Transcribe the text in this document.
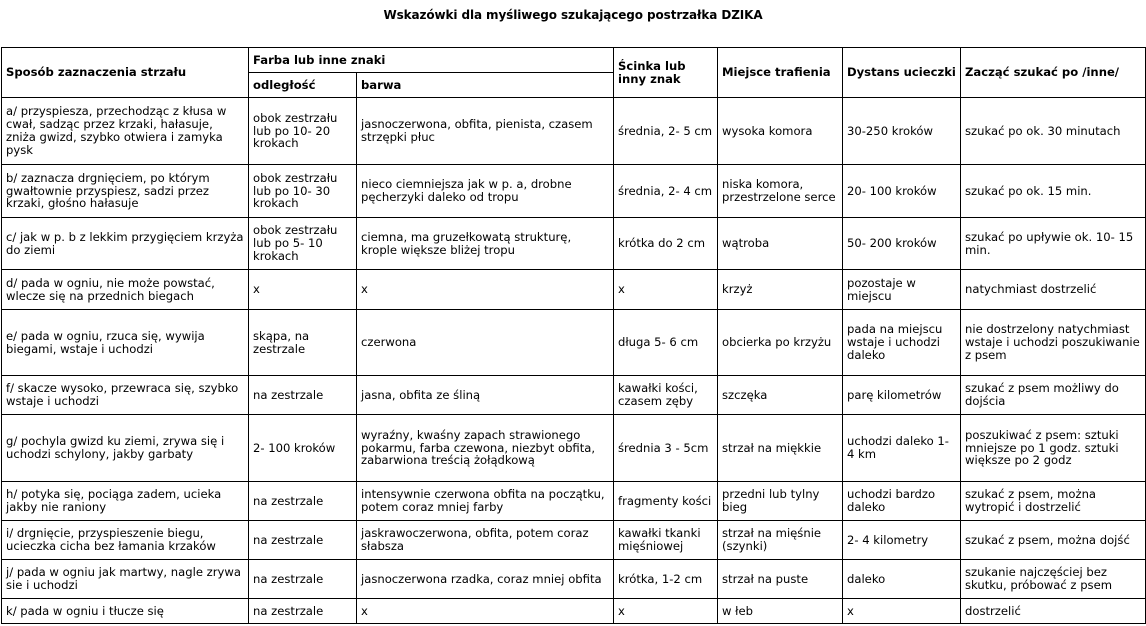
Wskazówki dla myśliwego szukającego postrzałka DZIKA
Sposób zaznaczenia strzału	Farba lub inne znaki		Ścinka lub inny znak	Miejsce trafienia	Dystans ucieczki	Zacząć szukać po /inne/
	odległość	barwa				
a/ przyspiesza, przechodząc z kłusa w cwał, sadząc przez krzaki, hałasuje, zniża gwizd, szybko otwiera i zamyka pysk	obok zestrzału lub po 10- 20 krokach	jasnoczerwona, obfita, pienista, czasem strzępki płuc	średnia, 2- 5 cm	wysoka komora	30-250 kroków	szukać po ok. 30 minutach
b/ zaznacza drgnięciem, po którym gwałtownie przyspiesz, sadzi przez krzaki, głośno hałasuje	obok zestrzału lub po 10- 30 krokach	nieco ciemniejsza jak w p. a, drobne pęcherzyki daleko od tropu	średnia, 2- 4 cm	niska komora, przestrzelone serce	20- 100 kroków	szukać po ok. 15 min.
c/ jak w p. b z lekkim przygięciem krzyża do ziemi	obok zestrzału lub po 5- 10 krokach	ciemna, ma gruzełkowatą strukturę, krople większe bliżej tropu	krótka do 2 cm	wątroba	50- 200 kroków	szukać po upływie ok. 10- 15 min.
d/ pada w ogniu, nie może powstać, wlecze się na przednich biegach	x	x	x	krzyż	pozostaje w miejscu	natychmiast dostrzelić
e/ pada w ogniu, rzuca się, wywija biegami, wstaje i uchodzi	skąpa, na zestrzale	czerwona	długa 5- 6 cm	obcierka po krzyżu	pada na miejscu wstaje i uchodzi daleko	nie dostrzelony natychmiast wstaje i uchodzi poszukiwanie z psem
f/ skacze wysoko, przewraca się, szybko wstaje i uchodzi	na zestrzale	jasna, obfita ze śliną	kawałki kości, czasem zęby	szczęka	parę kilometrów	szukać z psem możliwy do dojścia
g/ pochyla gwizd ku ziemi, zrywa się i uchodzi schylony, jakby garbaty	2- 100 kroków	wyraźny, kwaśny zapach strawionego pokarmu, farba czewona, niezbyt obfita, zabarwiona treścią żołądkową	średnia 3 - 5cm	strzał na miękkie	uchodzi daleko 1- 4 km	poszukiwać z psem: sztuki mniejsze po 1 godz. sztuki większe po 2 godz
h/ potyka się, pociąga zadem, ucieka jakby nie raniony	na zestrzale	intensywnie czerwona obfita na początku, potem coraz mniej farby	fragmenty kości	przedni lub tylny bieg	uchodzi bardzo daleko	szukać z psem, można wytropić i dostrzelić
i/ drgnięcie, przyspieszenie biegu, ucieczka cicha bez łamania krzaków	na zestrzale	jaskrawoczerwona, obfita, potem coraz słabsza	kawałki tkanki mięśniowej	strzał na mięśnie (szynki)	2- 4 kilometry	szukać z psem, można dojść
j/ pada w ogniu jak martwy, nagle zrywa sie i uchodzi	na zestrzale	jasnoczerwona rzadka, coraz mniej obfita	krótka, 1-2 cm	strzał na puste	daleko	szukanie najczęściej bez skutku, próbować z psem
k/ pada w ogniu i tłucze się	na zestrzale	x	x	w łeb	x	dostrzelić
